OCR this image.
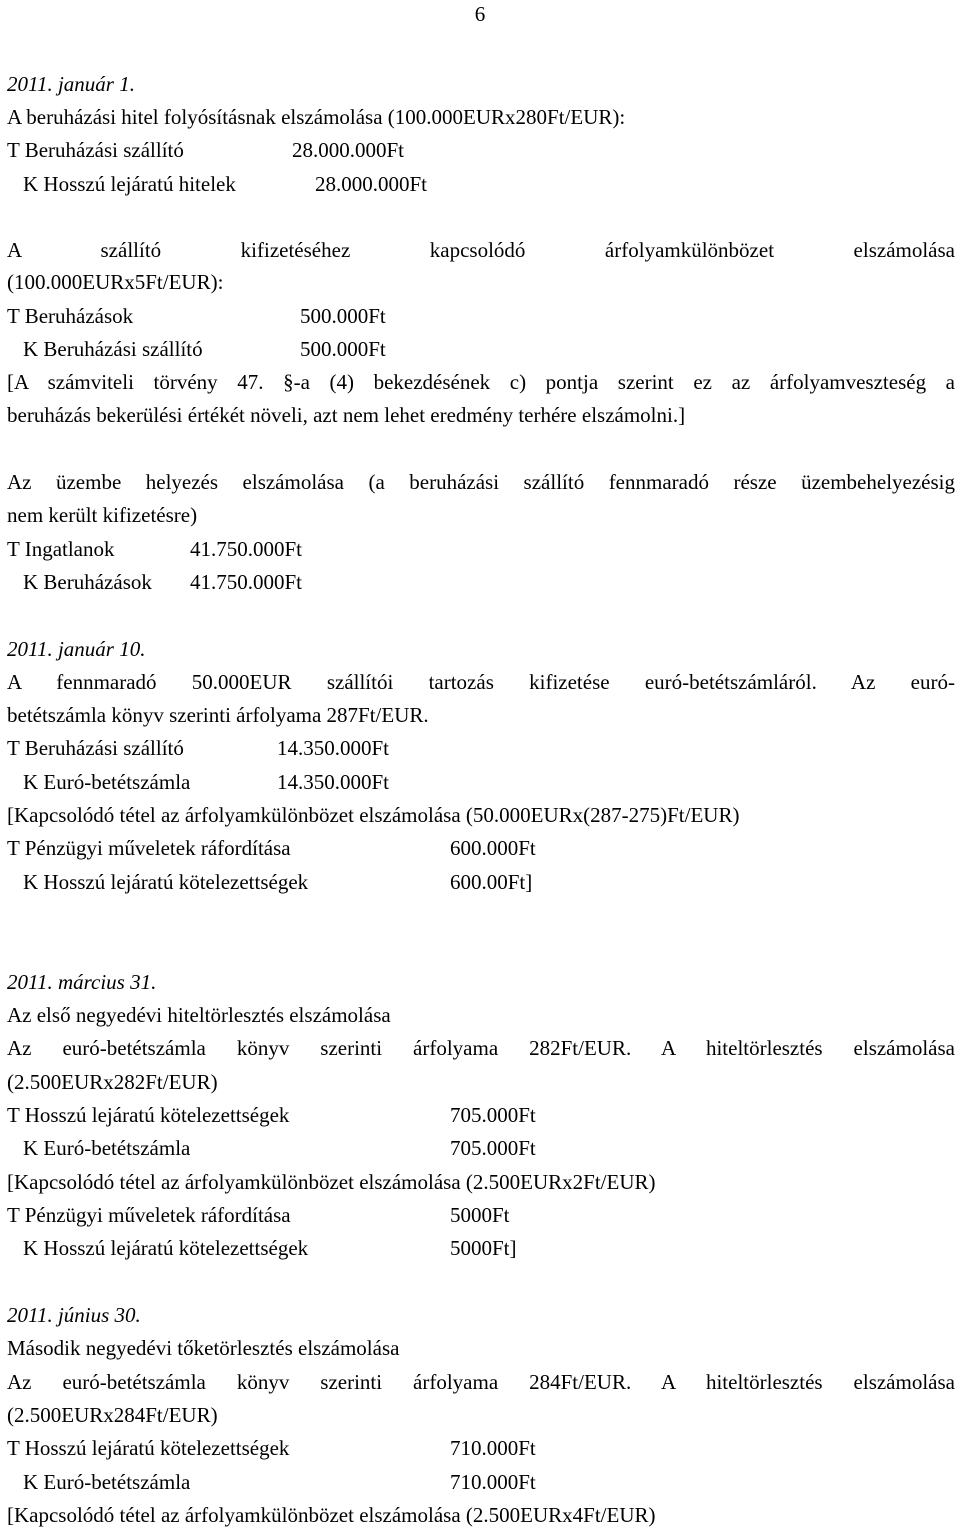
6
2011. január 1.
A beruházási hitel folyósításnak elszámolása (100.000EURx280Ft/EUR):
T Beruházási szállító	28.000.000Ft
K Hosszú lejáratú hitelek	28.000.000Ft
A szállító kifizetéséhez kapcsolódó árfolyamkülönbözet elszámolása
(100.000EURx5Ft/EUR):
T Beruházások	500.000Ft
K Beruházási szállító	500.000Ft
[A számviteli törvény 47. §-a (4) bekezdésének c) pontja szerint ez az árfolyamveszteség a
beruházás bekerülési értékét növeli, azt nem lehet eredmény terhére elszámolni.]
Az üzembe helyezés elszámolása (a beruházási szállító fennmaradó része üzembehelyezésig
nem került kifizetésre)
T Ingatlanok	41.750.000Ft
K Beruházások 41.750.000Ft
2011. január 10.
A fennmaradó 50.000EUR szállítói tartozás kifizetése euró-betétszámláról. Az euró-
betétszámla könyv szerinti árfolyama 287Ft/EUR.
T Beruházási szállító	14.350.000Ft
K Euró-betétszámla	14.350.000Ft
[Kapcsolódó tétel az árfolyamkülönbözet elszámolása (50.000EURx(287-275)Ft/EUR)
T Pénzügyi műveletek ráfordítása	600.000Ft
K Hosszú lejáratú kötelezettségek	600.00Ft]
2011. március 31.
Az első negyedévi hiteltörlesztés elszámolása
Az euró-betétszámla könyv szerinti árfolyama 282Ft/EUR. A hiteltörlesztés elszámolása
(2.500EURx282Ft/EUR)
T Hosszú lejáratú kötelezettségek	705.000Ft
K Euró-betétszámla	705.000Ft
[Kapcsolódó tétel az árfolyamkülönbözet elszámolása (2.500EURx2Ft/EUR)
T Pénzügyi műveletek ráfordítása	5000Ft
K Hosszú lejáratú kötelezettségek	5000Ft]
2011. június 30.
Második negyedévi tőketörlesztés elszámolása
Az euró-betétszámla könyv szerinti árfolyama 284Ft/EUR. A hiteltörlesztés elszámolása
(2.500EURx284Ft/EUR)
T Hosszú lejáratú kötelezettségek	710.000Ft
K Euró-betétszámla	710.000Ft
[Kapcsolódó tétel az árfolyamkülönbözet elszámolása (2.500EURx4Ft/EUR)
